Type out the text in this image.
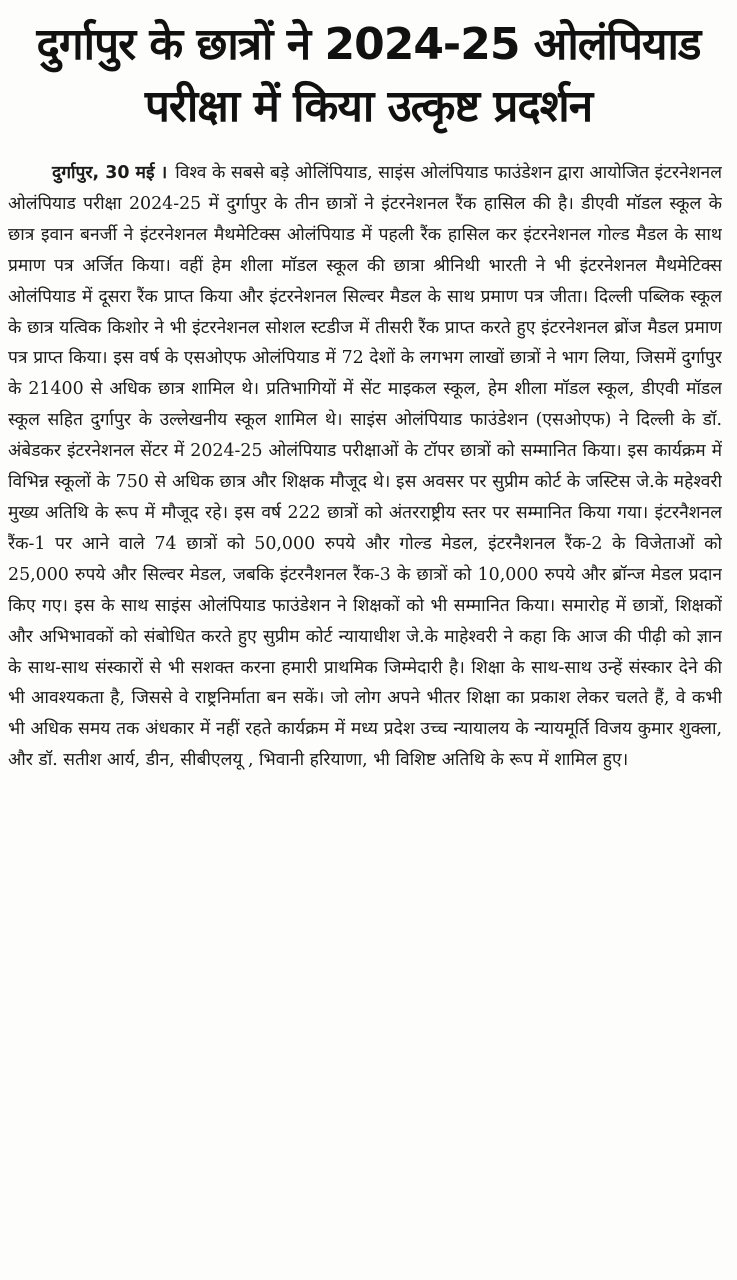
दुर्गापुर के छात्रों ने 2024-25 ओलंपियाड
परीक्षा में किया उत्कृष्ट प्रदर्शन

दुर्गापुर, 30 मई । विश्व के सबसे बड़े ओलिंपियाड, साइंस ओलंपियाड फाउंडेशन द्वारा आयोजित इंटरनेशनल ओलंपियाड परीक्षा 2024-25 में दुर्गापुर के तीन छात्रों ने इंटरनेशनल रैंक हासिल की है। डीएवी मॉडल स्कूल के छात्र इवान बनर्जी ने इंटरनेशनल मैथमेटिक्स ओलंपियाड में पहली रैंक हासिल कर इंटरनेशनल गोल्ड मैडल के साथ प्रमाण पत्र अर्जित किया। वहीं हेम शीला मॉडल स्कूल की छात्रा श्रीनिथी भारती ने भी इंटरनेशनल मैथमेटिक्स ओलंपियाड में दूसरा रैंक प्राप्त किया और इंटरनेशनल सिल्वर मैडल के साथ प्रमाण पत्र जीता। दिल्ली पब्लिक स्कूल के छात्र यत्विक किशोर ने भी इंटरनेशनल सोशल स्टडीज में तीसरी रैंक प्राप्त करते हुए इंटरनेशनल ब्रोंज मैडल प्रमाण पत्र प्राप्त किया। इस वर्ष के एसओएफ ओलंपियाड में 72 देशों के लगभग लाखों छात्रों ने भाग लिया, जिसमें दुर्गापुर के 21400 से अधिक छात्र शामिल थे। प्रतिभागियों में सेंट माइकल स्कूल, हेम शीला मॉडल स्कूल, डीएवी मॉडल स्कूल सहित दुर्गापुर के उल्लेखनीय स्कूल शामिल थे। साइंस ओलंपियाड फाउंडेशन (एसओएफ) ने दिल्ली के डॉ. अंबेडकर इंटरनेशनल सेंटर में 2024-25 ओलंपियाड परीक्षाओं के टॉपर छात्रों को सम्मानित किया। इस कार्यक्रम में विभिन्न स्कूलों के 750 से अधिक छात्र और शिक्षक मौजूद थे। इस अवसर पर सुप्रीम कोर्ट के जस्टिस जे.के महेश्वरी मुख्य अतिथि के रूप में मौजूद रहे। इस वर्ष 222 छात्रों को अंतरराष्ट्रीय स्तर पर सम्मानित किया गया। इंटरनैशनल रैंक-1 पर आने वाले 74 छात्रों को 50,000 रुपये और गोल्ड मेडल, इंटरनैशनल रैंक-2 के विजेताओं को 25,000 रुपये और सिल्वर मेडल, जबकि इंटरनैशनल रैंक-3 के छात्रों को 10,000 रुपये और ब्रॉन्ज मेडल प्रदान किए गए। इस के साथ साइंस ओलंपियाड फाउंडेशन ने शिक्षकों को भी सम्मानित किया। समारोह में छात्रों, शिक्षकों और अभिभावकों को संबोधित करते हुए सुप्रीम कोर्ट न्यायाधीश जे.के माहेश्वरी ने कहा कि आज की पीढ़ी को ज्ञान के साथ-साथ संस्कारों से भी सशक्त करना हमारी प्राथमिक जिम्मेदारी है। शिक्षा के साथ-साथ उन्हें संस्कार देने की भी आवश्यकता है, जिससे वे राष्ट्रनिर्माता बन सकें। जो लोग अपने भीतर शिक्षा का प्रकाश लेकर चलते हैं, वे कभी भी अधिक समय तक अंधकार में नहीं रहते कार्यक्रम में मध्य प्रदेश उच्च न्यायालय के न्यायमूर्ति विजय कुमार शुक्ला, और डॉ. सतीश आर्य, डीन, सीबीएलयू , भिवानी हरियाणा, भी विशिष्ट अतिथि के रूप में शामिल हुए।
